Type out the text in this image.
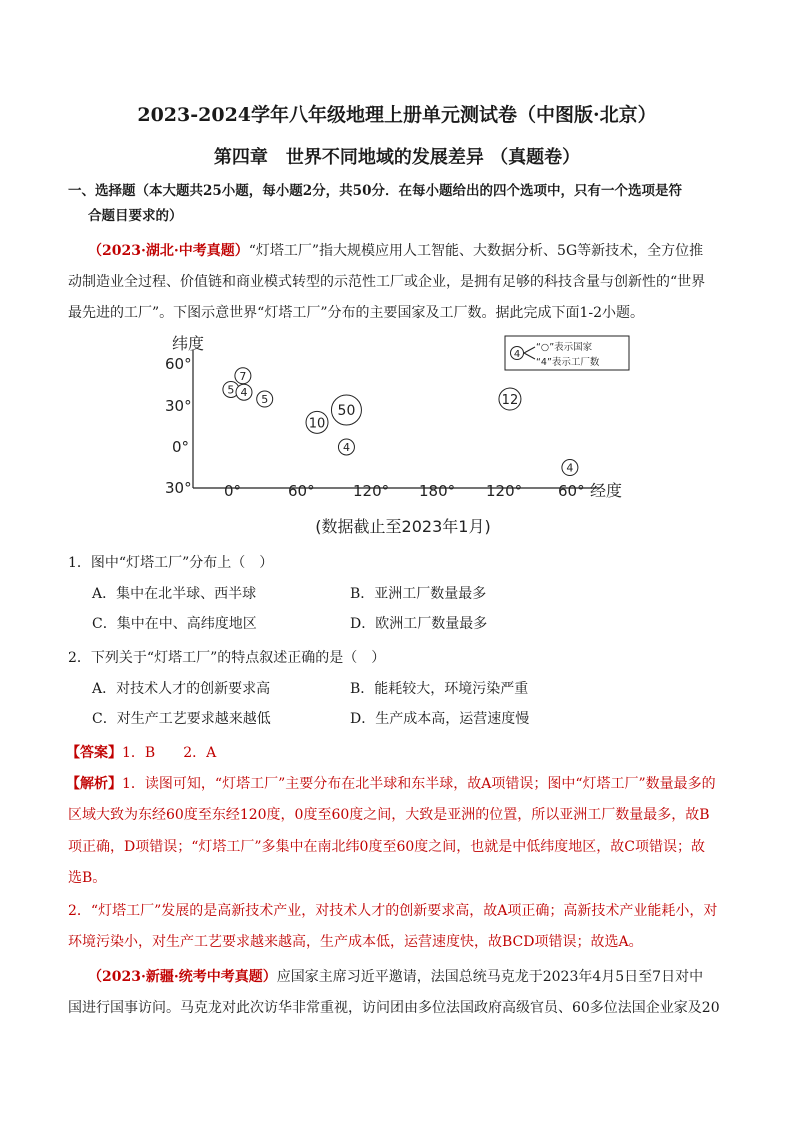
2023-2024学年八年级地理上册单元测试卷（中图版·北京）
第四章　世界不同地域的发展差异 （真题卷）
一、选择题（本大题共25小题，每小题2分，共50分．在每小题给出的四个选项中，只有一个选项是符
合题目要求的）
（2023·湖北·中考真题）“灯塔工厂”指大规模应用人工智能、大数据分析、5G等新技术，全方位推
动制造业全过程、价值链和商业模式转型的示范性工厂或企业，是拥有足够的科技含量与创新性的“世界
最先进的工厂”。下图示意世界“灯塔工厂”分布的主要国家及工厂数。据此完成下面1-2小题。
纬度
经度
60°
30°
0°
30° 0°	60°	120° 180° 120° 60°
4
“○”表示国家
“4”表示工厂数
7
5 4
5
10
50
4
12
4
(数据截止至2023年1月)
1．图中“灯塔工厂”分布上（　）
A．集中在北半球、西半球	B．亚洲工厂数量最多
C．集中在中、高纬度地区	D．欧洲工厂数量最多
2．下列关于“灯塔工厂”的特点叙述正确的是（　）
A．对技术人才的创新要求高	B．能耗较大，环境污染严重
C．对生产工艺要求越来越低	D．生产成本高，运营速度慢
【答案】1．B　　2．A
【解析】1．读图可知，“灯塔工厂”主要分布在北半球和东半球，故A项错误；图中“灯塔工厂”数量最多的
区域大致为东经60度至东经120度，0度至60度之间，大致是亚洲的位置，所以亚洲工厂数量最多，故B
项正确，D项错误；“灯塔工厂”多集中在南北纬0度至60度之间，也就是中低纬度地区，故C项错误；故
选B。
2．“灯塔工厂”发展的是高新技术产业，对技术人才的创新要求高，故A项正确；高新技术产业能耗小，对
环境污染小，对生产工艺要求越来越高，生产成本低，运营速度快，故BCD项错误；故选A。
（2023·新疆·统考中考真题）应国家主席习近平邀请，法国总统马克龙于2023年4月5日至7日对中
国进行国事访问。马克龙对此次访华非常重视，访问团由多位法国政府高级官员、60多位法国企业家及20
